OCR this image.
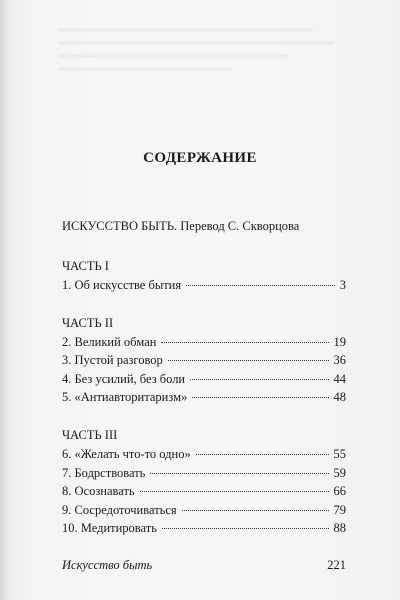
СОДЕРЖАНИЕ
ИСКУССТВО БЫТЬ. Перевод С. Скворцова
ЧАСТЬ I
1. Об искусстве бытия	3
ЧАСТЬ II
2. Великий обман	19
3. Пустой разговор	36
4. Без усилий, без боли	44
5. «Антиавторитаризм»	48
ЧАСТЬ III
6. «Желать что-то одно»	55
7. Бодрствовать	59
8. Осознавать	66
9. Сосредоточиваться	79
10. Медитировать	88
Искусство быть	221
